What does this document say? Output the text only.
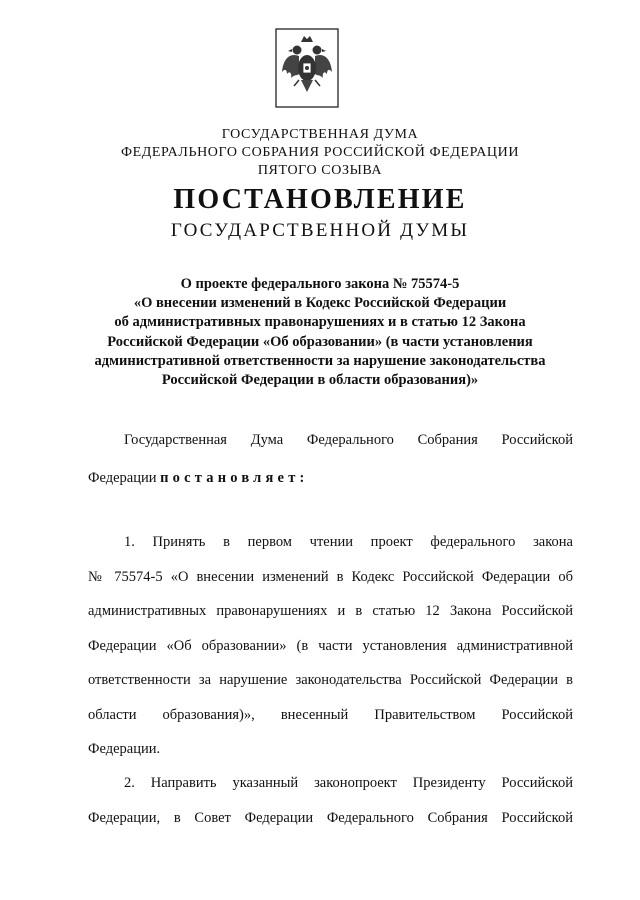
ГОСУДАРСТВЕННАЯ ДУМА
ФЕДЕРАЛЬНОГО СОБРАНИЯ РОССИЙСКОЙ ФЕДЕРАЦИИ
ПЯТОГО СОЗЫВА
ПОСТАНОВЛЕНИЕ
ГОСУДАРСТВЕННОЙ ДУМЫ
О проекте федерального закона № 75574-5
«О внесении изменений в Кодекс Российской Федерации
об административных правонарушениях и в статью 12 Закона
Российской Федерации «Об образовании» (в части установления
административной ответственности за нарушение законодательства
Российской Федерации в области образования)»
Государственная Дума Федерального Собрания Российской
Федерации постановляет:
1. Принять в первом чтении проект федерального закона
№ 75574-5 «О внесении изменений в Кодекс Российской Федерации об
административных правонарушениях и в статью 12 Закона Российской
Федерации «Об образовании» (в части установления административной
ответственности за нарушение законодательства Российской Федерации в
области образования)», внесенный Правительством Российской
Федерации.
2. Направить указанный законопроект Президенту Российской
Федерации, в Совет Федерации Федерального Собрания Российской
